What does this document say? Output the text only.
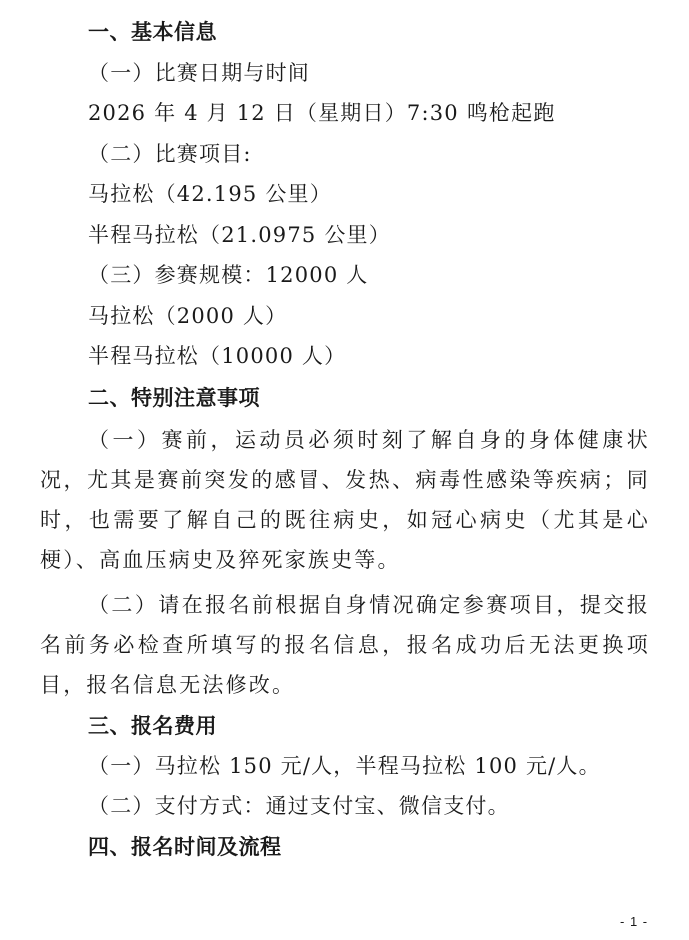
一、基本信息
（一）比赛日期与时间
2026 年 4 月 12 日（星期日）7:30 鸣枪起跑
（二）比赛项目:
马拉松（42.195 公里）
半程马拉松（21.0975 公里）
（三）参赛规模：12000 人
马拉松（2000 人）
半程马拉松（10000 人）
二、特别注意事项
（一）赛前，运动员必须时刻了解自身的身体健康状况，尤其是赛前突发的感冒、发热、病毒性感染等疾病；同时，也需要了解自己的既往病史，如冠心病史（尤其是心梗）、高血压病史及猝死家族史等。
（二）请在报名前根据自身情况确定参赛项目，提交报名前务必检查所填写的报名信息，报名成功后无法更换项目，报名信息无法修改。
三、报名费用
（一）马拉松 150 元/人，半程马拉松 100 元/人。
（二）支付方式：通过支付宝、微信支付。
四、报名时间及流程
- 1 -
